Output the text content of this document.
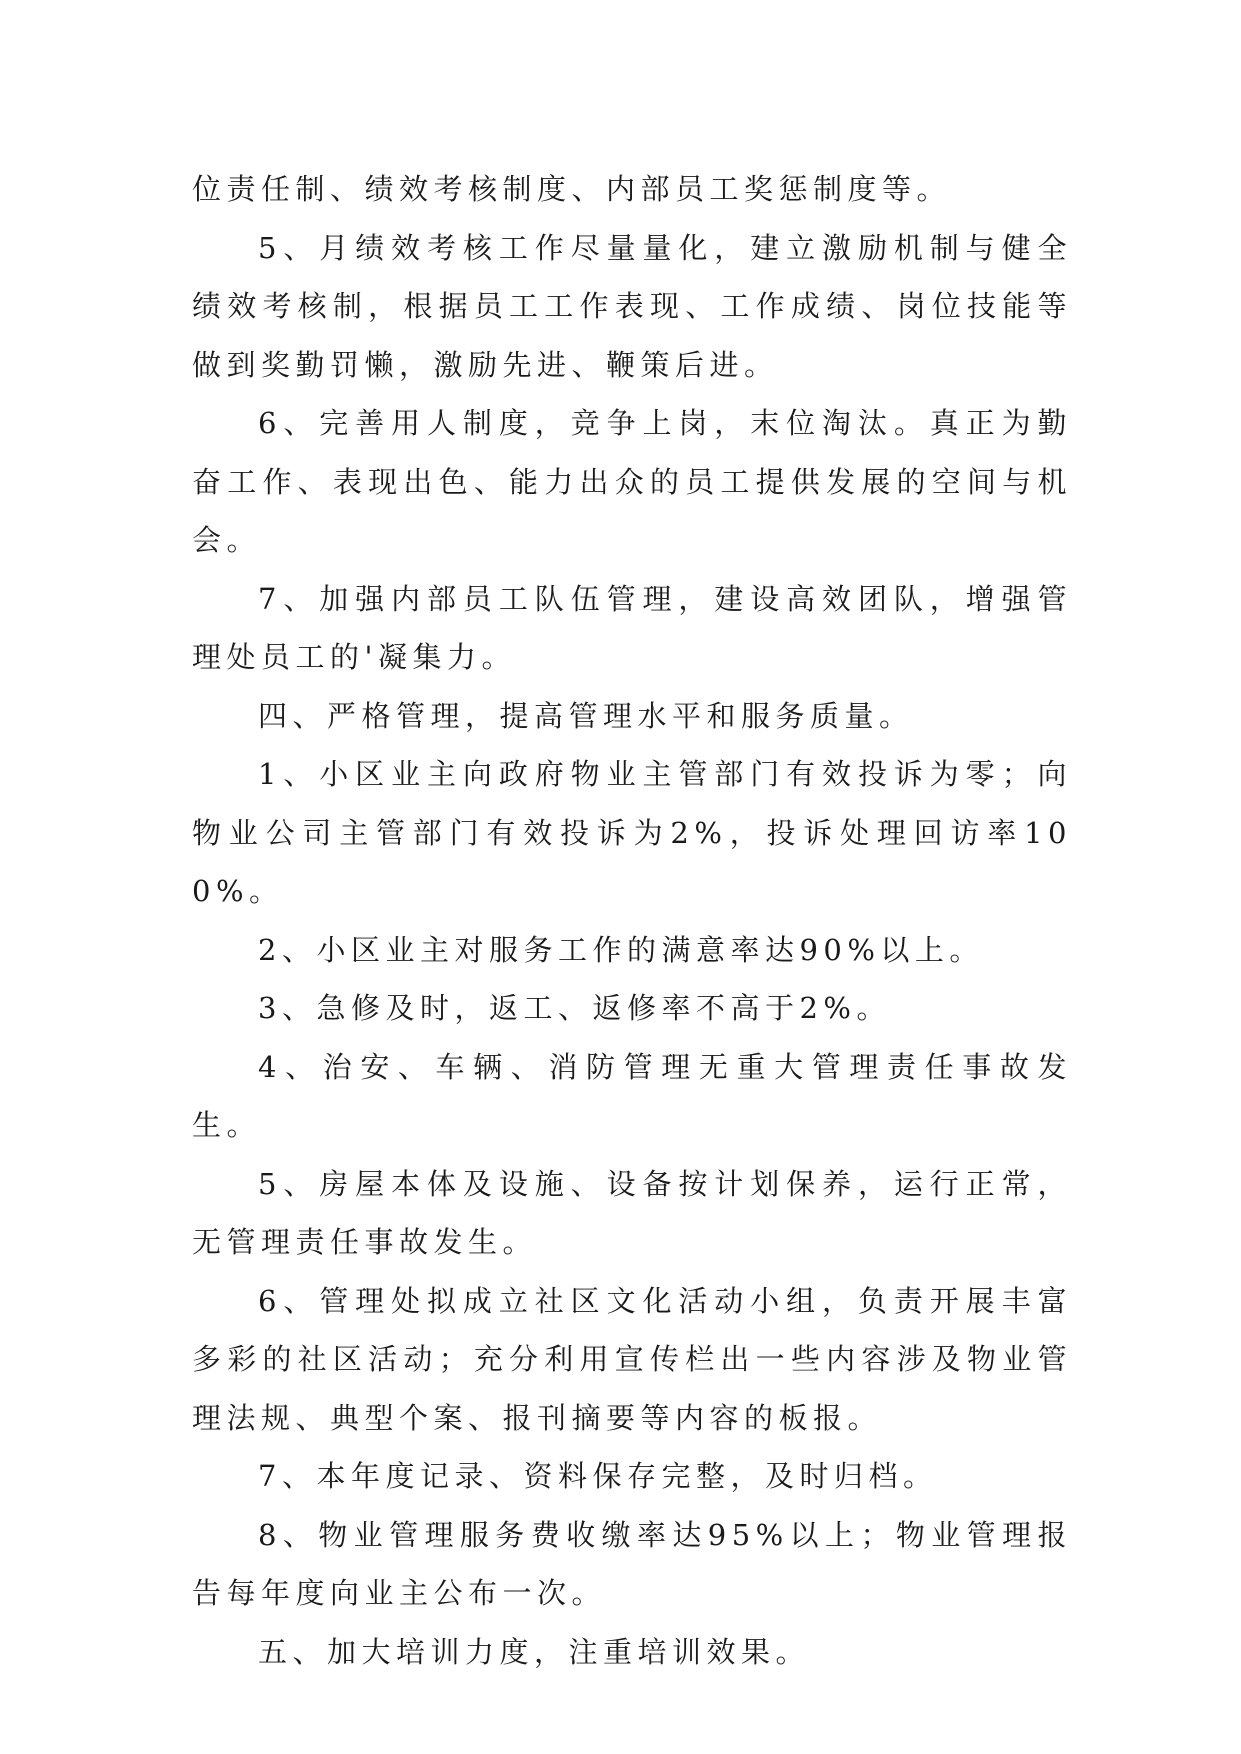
位责任制、绩效考核制度、内部员工奖惩制度等。

5、月绩效考核工作尽量量化，建立激励机制与健全绩效考核制，根据员工工作表现、工作成绩、岗位技能等做到奖勤罚懒，激励先进、鞭策后进。

6、完善用人制度，竞争上岗，末位淘汰。真正为勤奋工作、表现出色、能力出众的员工提供发展的空间与机会。

7、加强内部员工队伍管理，建设高效团队，增强管理处员工的'凝集力。

四、严格管理，提高管理水平和服务质量。

1、小区业主向政府物业主管部门有效投诉为零；向物业公司主管部门有效投诉为2%，投诉处理回访率100%。

2、小区业主对服务工作的满意率达90%以上。

3、急修及时，返工、返修率不高于2%。

4、治安、车辆、消防管理无重大管理责任事故发生。

5、房屋本体及设施、设备按计划保养，运行正常，无管理责任事故发生。

6、管理处拟成立社区文化活动小组，负责开展丰富多彩的社区活动；充分利用宣传栏出一些内容涉及物业管理法规、典型个案、报刊摘要等内容的板报。

7、本年度记录、资料保存完整，及时归档。

8、物业管理服务费收缴率达95%以上；物业管理报告每年度向业主公布一次。

五、加大培训力度，注重培训效果。
